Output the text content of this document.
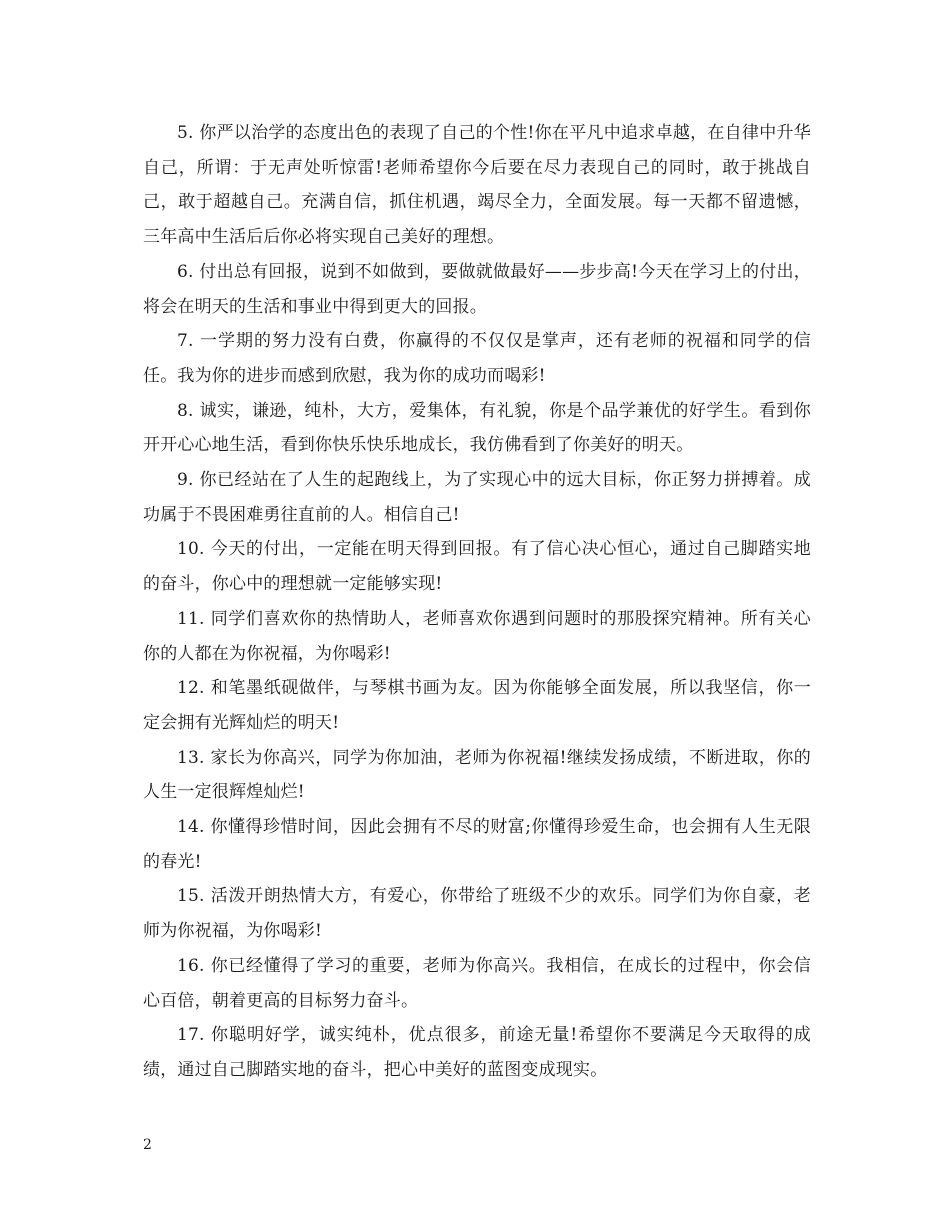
5. 你严以治学的态度出色的表现了自己的个性!你在平凡中追求卓越，在自律中升华自己，所谓：于无声处听惊雷!老师希望你今后要在尽力表现自己的同时，敢于挑战自己，敢于超越自己。充满自信，抓住机遇，竭尽全力，全面发展。每一天都不留遗憾，三年高中生活后后你必将实现自己美好的理想。

6. 付出总有回报，说到不如做到，要做就做最好——步步高!今天在学习上的付出，将会在明天的生活和事业中得到更大的回报。

7. 一学期的努力没有白费，你赢得的不仅仅是掌声，还有老师的祝福和同学的信任。我为你的进步而感到欣慰，我为你的成功而喝彩!

8. 诚实，谦逊，纯朴，大方，爱集体，有礼貌，你是个品学兼优的好学生。看到你开开心心地生活，看到你快乐快乐地成长，我仿佛看到了你美好的明天。

9. 你已经站在了人生的起跑线上，为了实现心中的远大目标，你正努力拼搏着。成功属于不畏困难勇往直前的人。相信自己!

10. 今天的付出，一定能在明天得到回报。有了信心决心恒心，通过自己脚踏实地的奋斗，你心中的理想就一定能够实现!

11. 同学们喜欢你的热情助人，老师喜欢你遇到问题时的那股探究精神。所有关心你的人都在为你祝福，为你喝彩!

12. 和笔墨纸砚做伴，与琴棋书画为友。因为你能够全面发展，所以我坚信，你一定会拥有光辉灿烂的明天!

13. 家长为你高兴，同学为你加油，老师为你祝福!继续发扬成绩，不断进取，你的人生一定很辉煌灿烂!

14. 你懂得珍惜时间，因此会拥有不尽的财富;你懂得珍爱生命，也会拥有人生无限的春光!

15. 活泼开朗热情大方，有爱心，你带给了班级不少的欢乐。同学们为你自豪，老师为你祝福，为你喝彩!

16. 你已经懂得了学习的重要，老师为你高兴。我相信，在成长的过程中，你会信心百倍，朝着更高的目标努力奋斗。

17. 你聪明好学，诚实纯朴，优点很多，前途无量!希望你不要满足今天取得的成绩，通过自己脚踏实地的奋斗，把心中美好的蓝图变成现实。

2
